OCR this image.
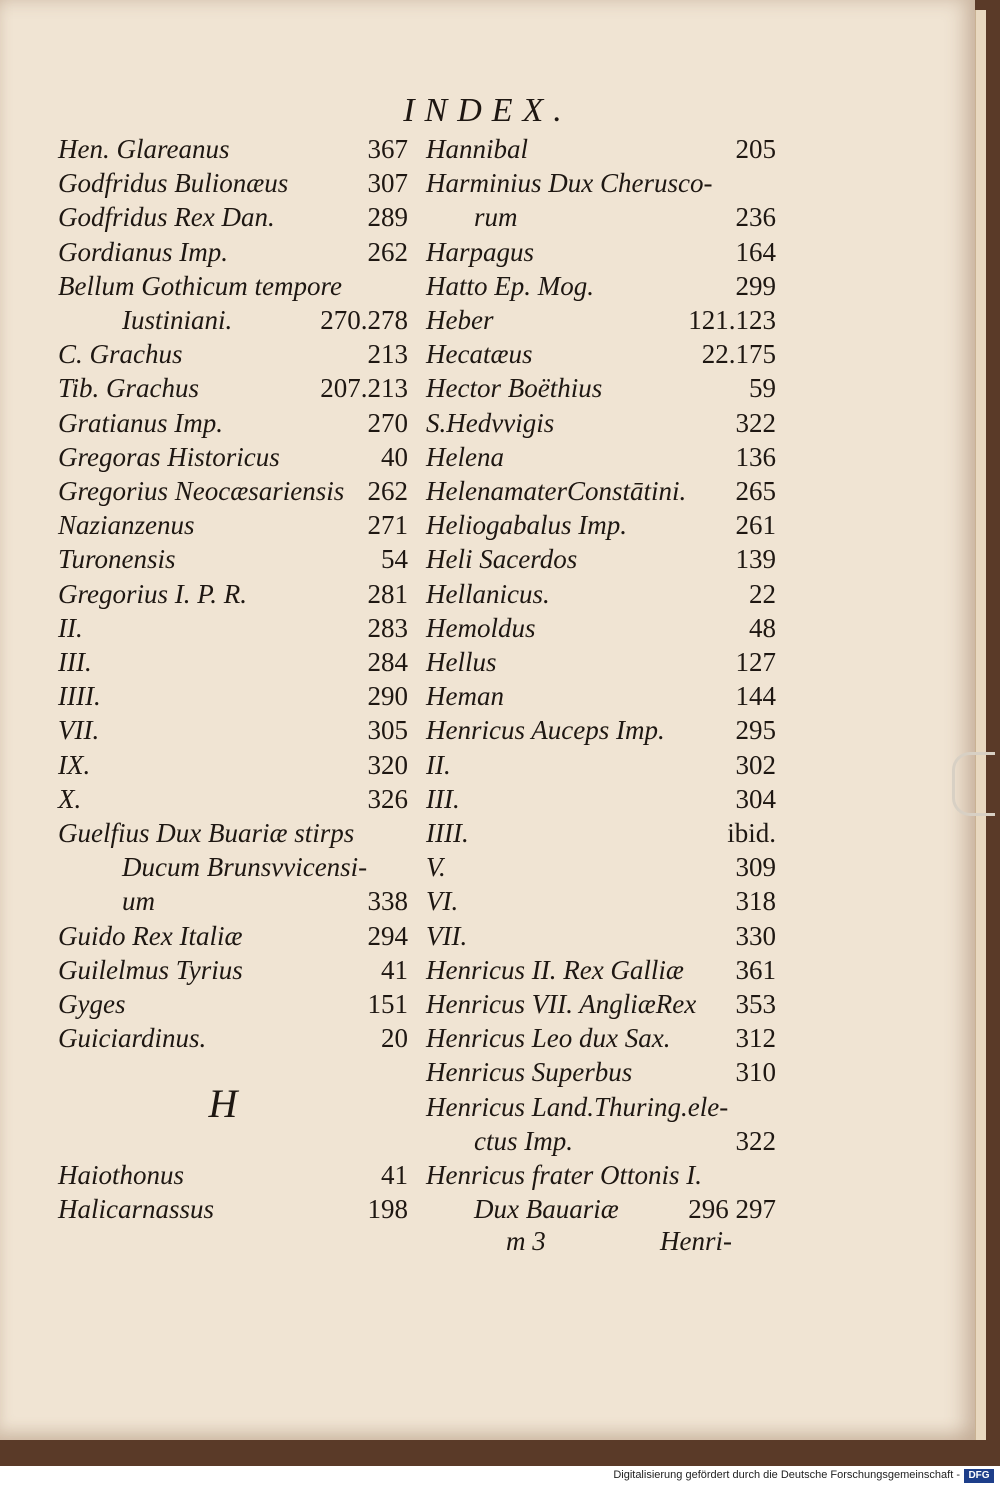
INDEX.
Hen. Glareanus	367
Godfridus Bulionæus	307
Godfridus Rex Dan.	289
Gordianus Imp.	262
Bellum Gothicum tempore
Iustiniani.	270.278
C. Grachus	213
Tib. Grachus	207.213
Gratianus Imp.	270
Gregoras Historicus	40
Gregorius Neocæsariensis 262
Nazianzenus	271
Turonensis	54
Gregorius I. P. R.	281
II.	283
III.	284
IIII.	290
VII.	305
IX.	320
X.	326
Guelfius Dux Buariæ stirps
Ducum Brunsvvicensi-
um	338
Guido Rex Italiæ	294
Guilelmus Tyrius	41
Gyges	151
Guiciardinus.	20
H
Haiothonus	41
Halicarnassus	198
Hannibal	205
Harminius Dux Cherusco-
rum	236
Harpagus	164
Hatto Ep. Mog.	299
Heber	121.123
Hecatæus	22.175
Hector Boëthius	59
S.Hedvvigis	322
Helena	136
HelenamaterConstātini. 265
Heliogabalus Imp.	261
Heli Sacerdos	139
Hellanicus.	22
Hemoldus	48
Hellus	127
Heman	144
Henricus Auceps Imp.	295
II.	302
III.	304
IIII.	ibid.
V.	309
VI.	318
VII.	330
Henricus II. Rex Galliæ 361
Henricus VII. AngliæRex 353
Henricus Leo dux Sax. 312
Henricus Superbus	310
Henricus Land.Thuring.ele-
ctus Imp.	322
Henricus frater Ottonis I.
Dux Bauariæ	296 297
m 3	Henri-
Digitalisierung gefördert durch die Deutsche Forschungsgemeinschaft - DFG
